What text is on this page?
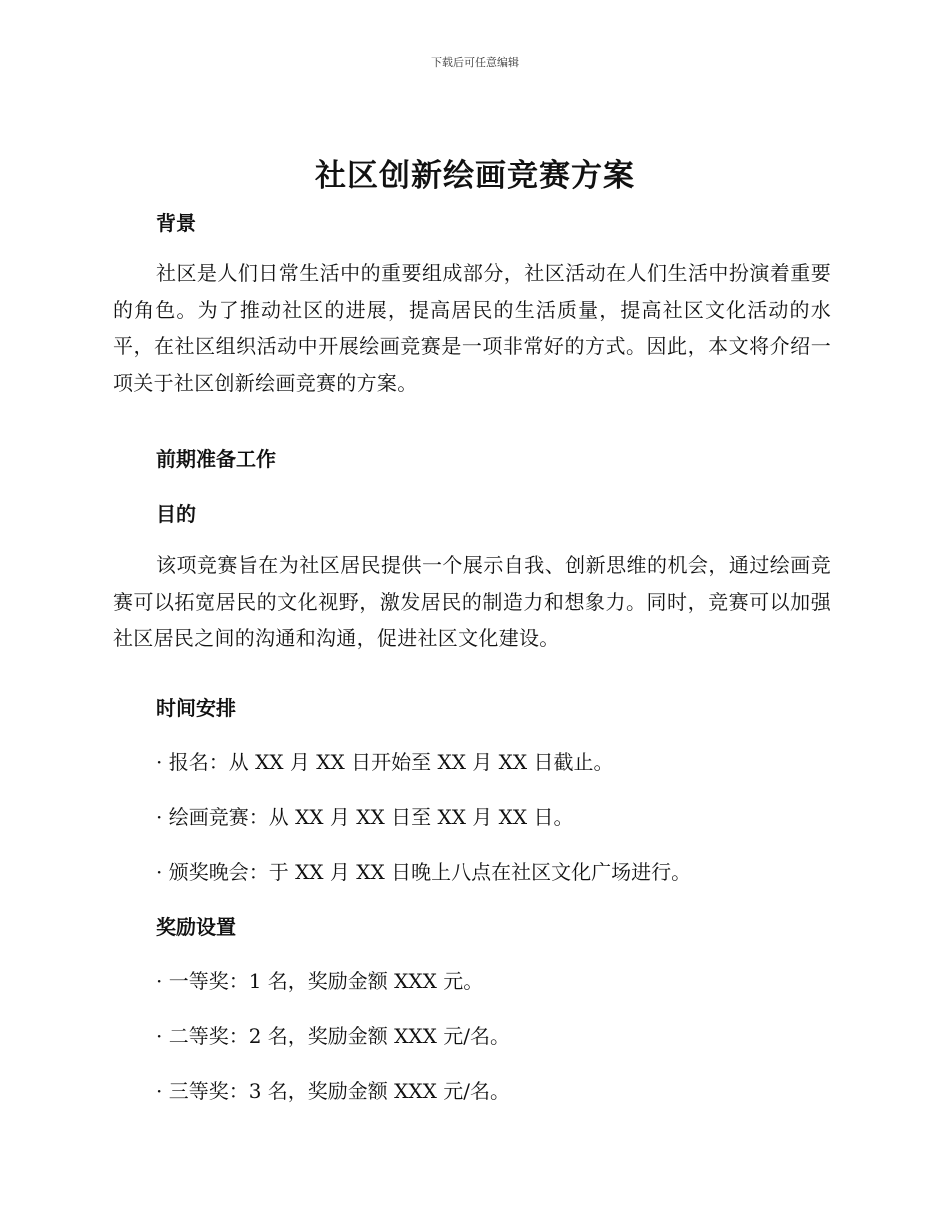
下载后可任意编辑
社区创新绘画竞赛方案
背景
社区是人们日常生活中的重要组成部分，社区活动在人们生活中扮演着重要的角色。为了推动社区的进展，提高居民的生活质量，提高社区文化活动的水平，在社区组织活动中开展绘画竞赛是一项非常好的方式。因此，本文将介绍一项关于社区创新绘画竞赛的方案。
前期准备工作
目的
该项竞赛旨在为社区居民提供一个展示自我、创新思维的机会，通过绘画竞赛可以拓宽居民的文化视野，激发居民的制造力和想象力。同时，竞赛可以加强社区居民之间的沟通和沟通，促进社区文化建设。
时间安排
· 报名：从 XX 月 XX 日开始至 XX 月 XX 日截止。
· 绘画竞赛：从 XX 月 XX 日至 XX 月 XX 日。
· 颁奖晚会：于 XX 月 XX 日晚上八点在社区文化广场进行。
奖励设置
· 一等奖：1 名，奖励金额 XXX 元。
· 二等奖：2 名，奖励金额 XXX 元/名。
· 三等奖：3 名，奖励金额 XXX 元/名。
